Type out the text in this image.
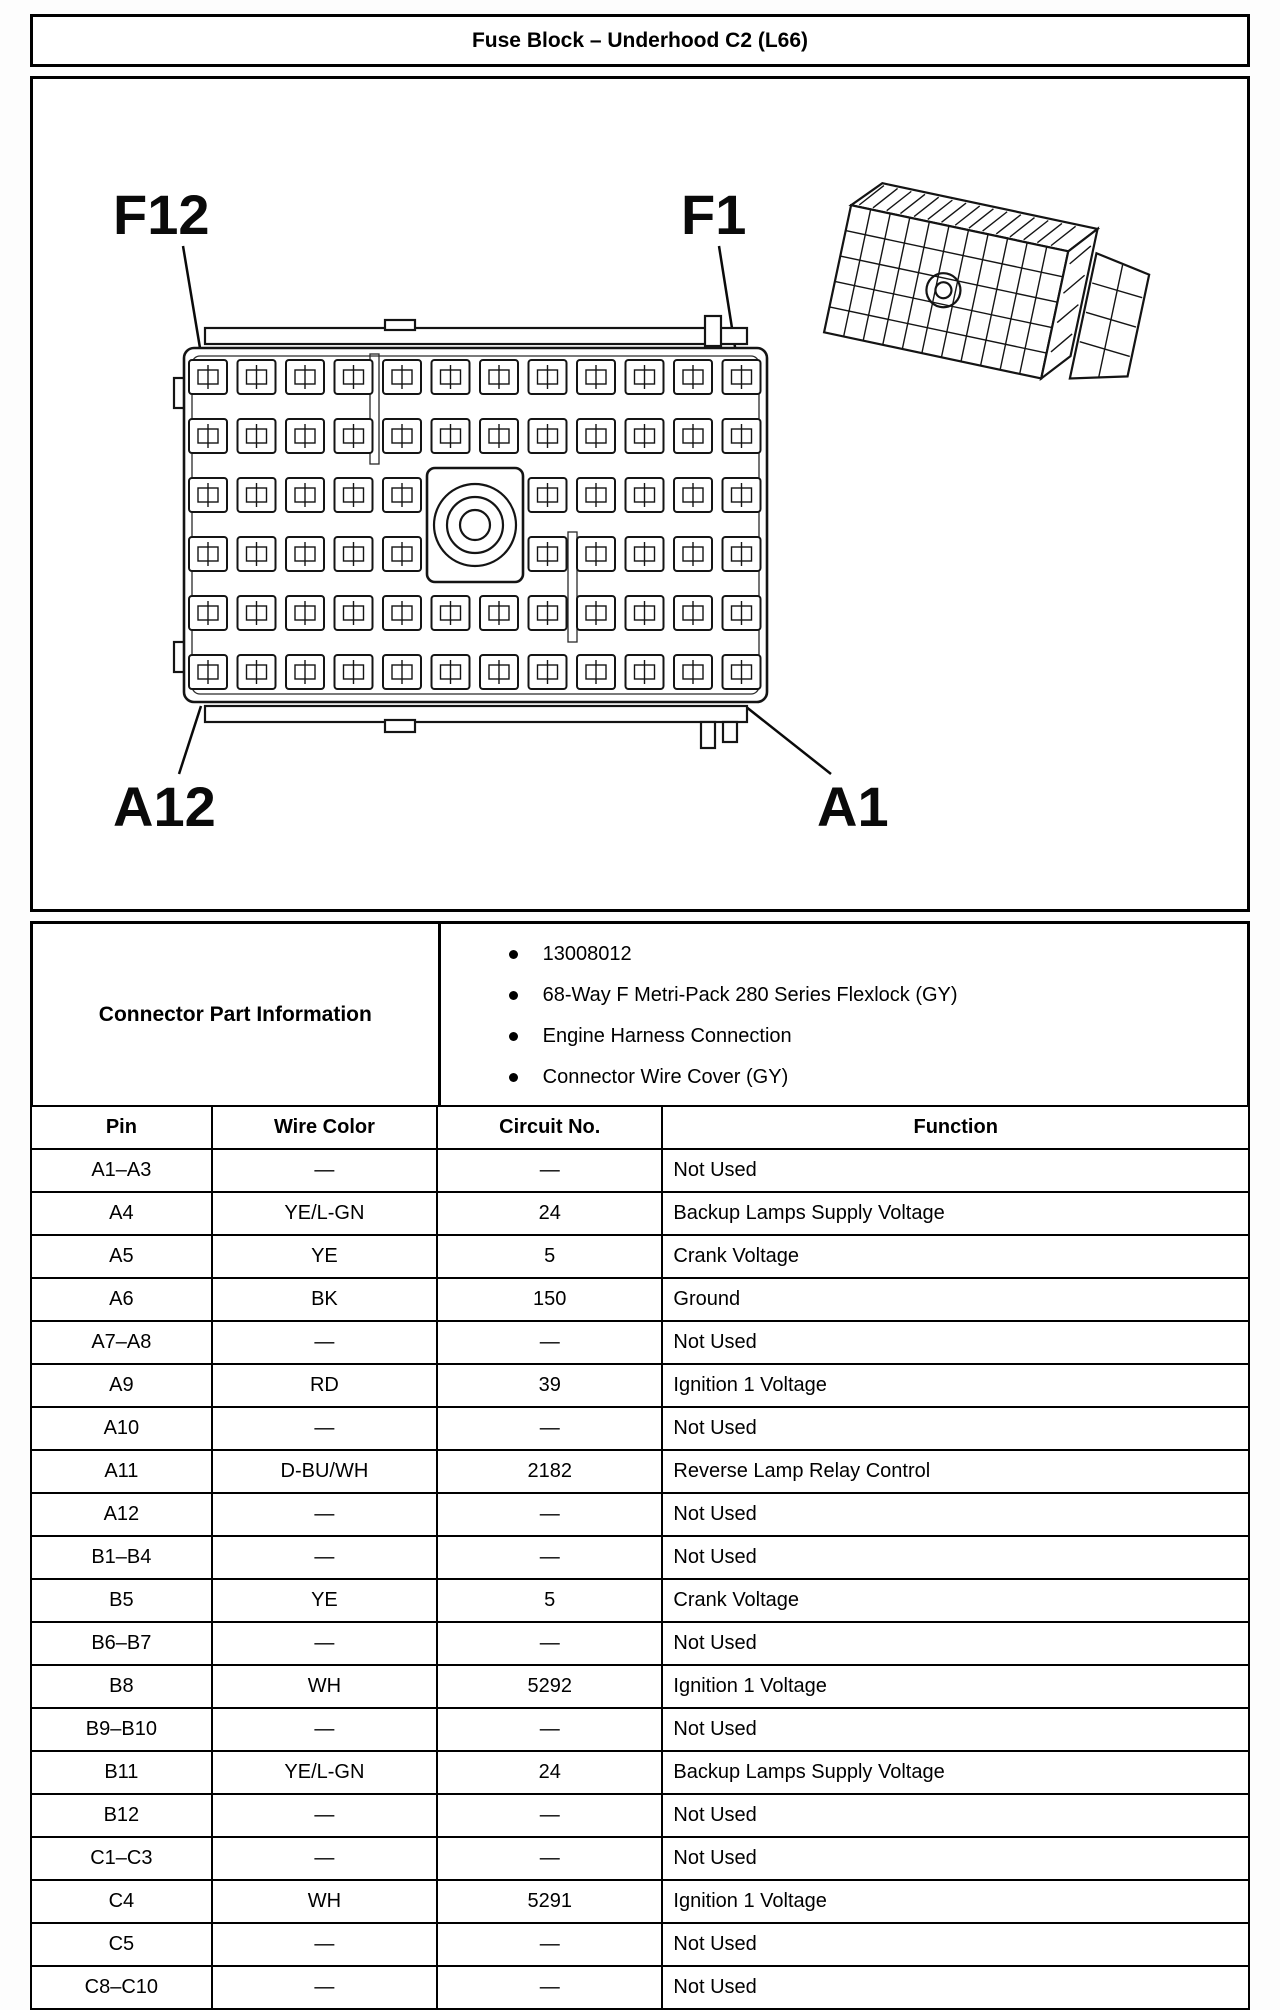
Fuse Block – Underhood C2 (L66)
F12	F1
A12	A1
Connector Part Information
13008012
68-Way F Metri-Pack 280 Series Flexlock (GY)
Engine Harness Connection
Connector Wire Cover (GY)
Pin	Wire Color	Circuit No.	Function
A1–A3	—	—	Not Used
A4	YE/L-GN	24	Backup Lamps Supply Voltage
A5	YE	5	Crank Voltage
A6	BK	150	Ground
A7–A8	—	—	Not Used
A9	RD	39	Ignition 1 Voltage
A10	—	—	Not Used
A11	D-BU/WH	2182	Reverse Lamp Relay Control
A12	—	—	Not Used
B1–B4	—	—	Not Used
B5	YE	5	Crank Voltage
B6–B7	—	—	Not Used
B8	WH	5292	Ignition 1 Voltage
B9–B10	—	—	Not Used
B11	YE/L-GN	24	Backup Lamps Supply Voltage
B12	—	—	Not Used
C1–C3	—	—	Not Used
C4	WH	5291	Ignition 1 Voltage
C5	—	—	Not Used
C8–C10	—	—	Not Used
